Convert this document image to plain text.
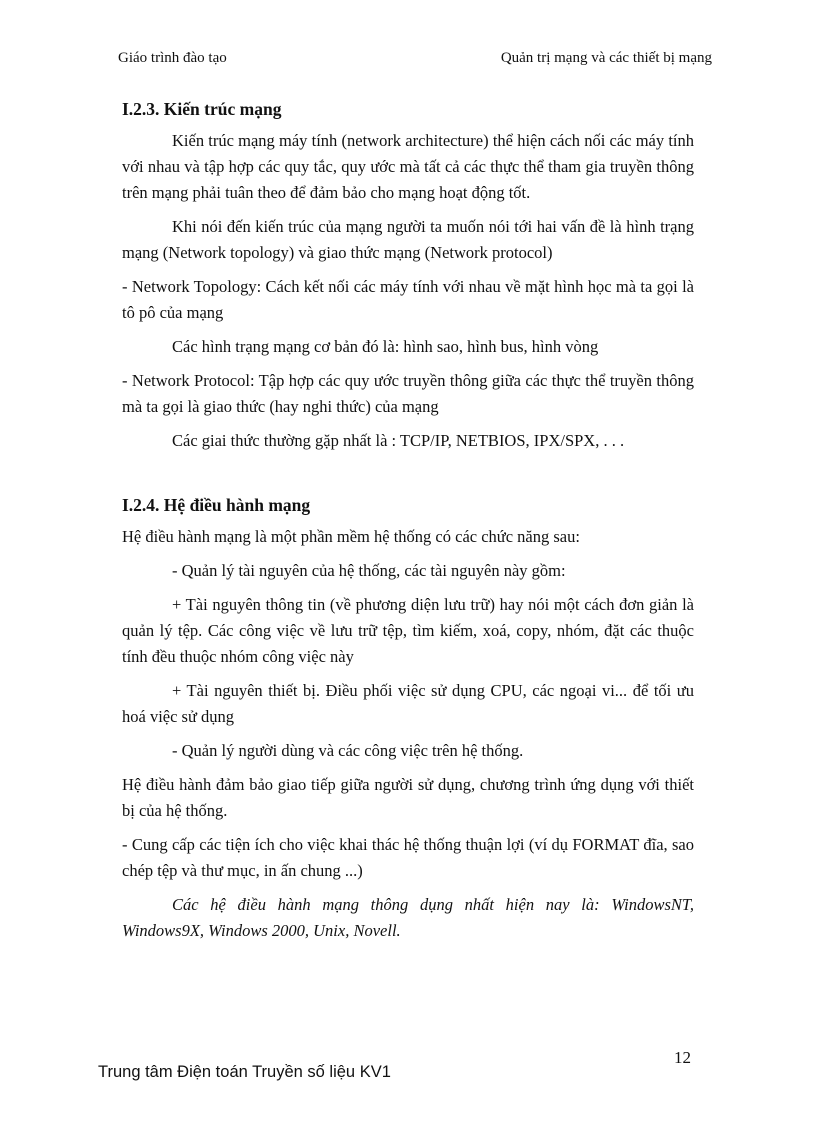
Giáo trình đào tạo	Quản trị mạng và các thiết bị mạng
I.2.3. Kiến trúc mạng

Kiến trúc mạng máy tính (network architecture) thể hiện cách nối các máy tính với nhau và tập hợp các quy tắc, quy ước mà tất cả các thực thể tham gia truyền thông trên mạng phải tuân theo để đảm bảo cho mạng hoạt động tốt.

Khi nói đến kiến trúc của mạng người ta muốn nói tới hai vấn đề là hình trạng mạng (Network topology) và giao thức mạng (Network protocol)

- Network Topology: Cách kết nối các máy tính với nhau về mặt hình học mà ta gọi là tô pô của mạng

Các hình trạng mạng cơ bản đó là: hình sao, hình bus, hình vòng

- Network Protocol: Tập hợp các quy ước truyền thông giữa các thực thể truyền thông mà ta gọi là giao thức (hay nghi thức) của mạng

Các giai thức thường gặp nhất là : TCP/IP, NETBIOS, IPX/SPX, . . .

I.2.4. Hệ điều hành mạng

Hệ điều hành mạng là một phần mềm hệ thống có các chức năng sau:

- Quản lý tài nguyên của hệ thống, các tài nguyên này gồm:

+ Tài nguyên thông tin (về phương diện lưu trữ) hay nói một cách đơn giản là quản lý tệp. Các công việc về lưu trữ tệp, tìm kiếm, xoá, copy, nhóm, đặt các thuộc tính đều thuộc nhóm công việc này

+ Tài nguyên thiết bị. Điều phối việc sử dụng CPU, các ngoại vi... để tối ưu hoá việc sử dụng

- Quản lý người dùng và các công việc trên hệ thống.

Hệ điều hành đảm bảo giao tiếp giữa người sử dụng, chương trình ứng dụng với thiết bị của hệ thống.

- Cung cấp các tiện ích cho việc khai thác hệ thống thuận lợi (ví dụ FORMAT đĩa, sao chép tệp và thư mục, in ấn chung ...)

Các hệ điều hành mạng thông dụng nhất hiện nay là: WindowsNT, Windows9X, Windows 2000, Unix, Novell.

12
Trung tâm Điện toán Truyền số liệu KV1
